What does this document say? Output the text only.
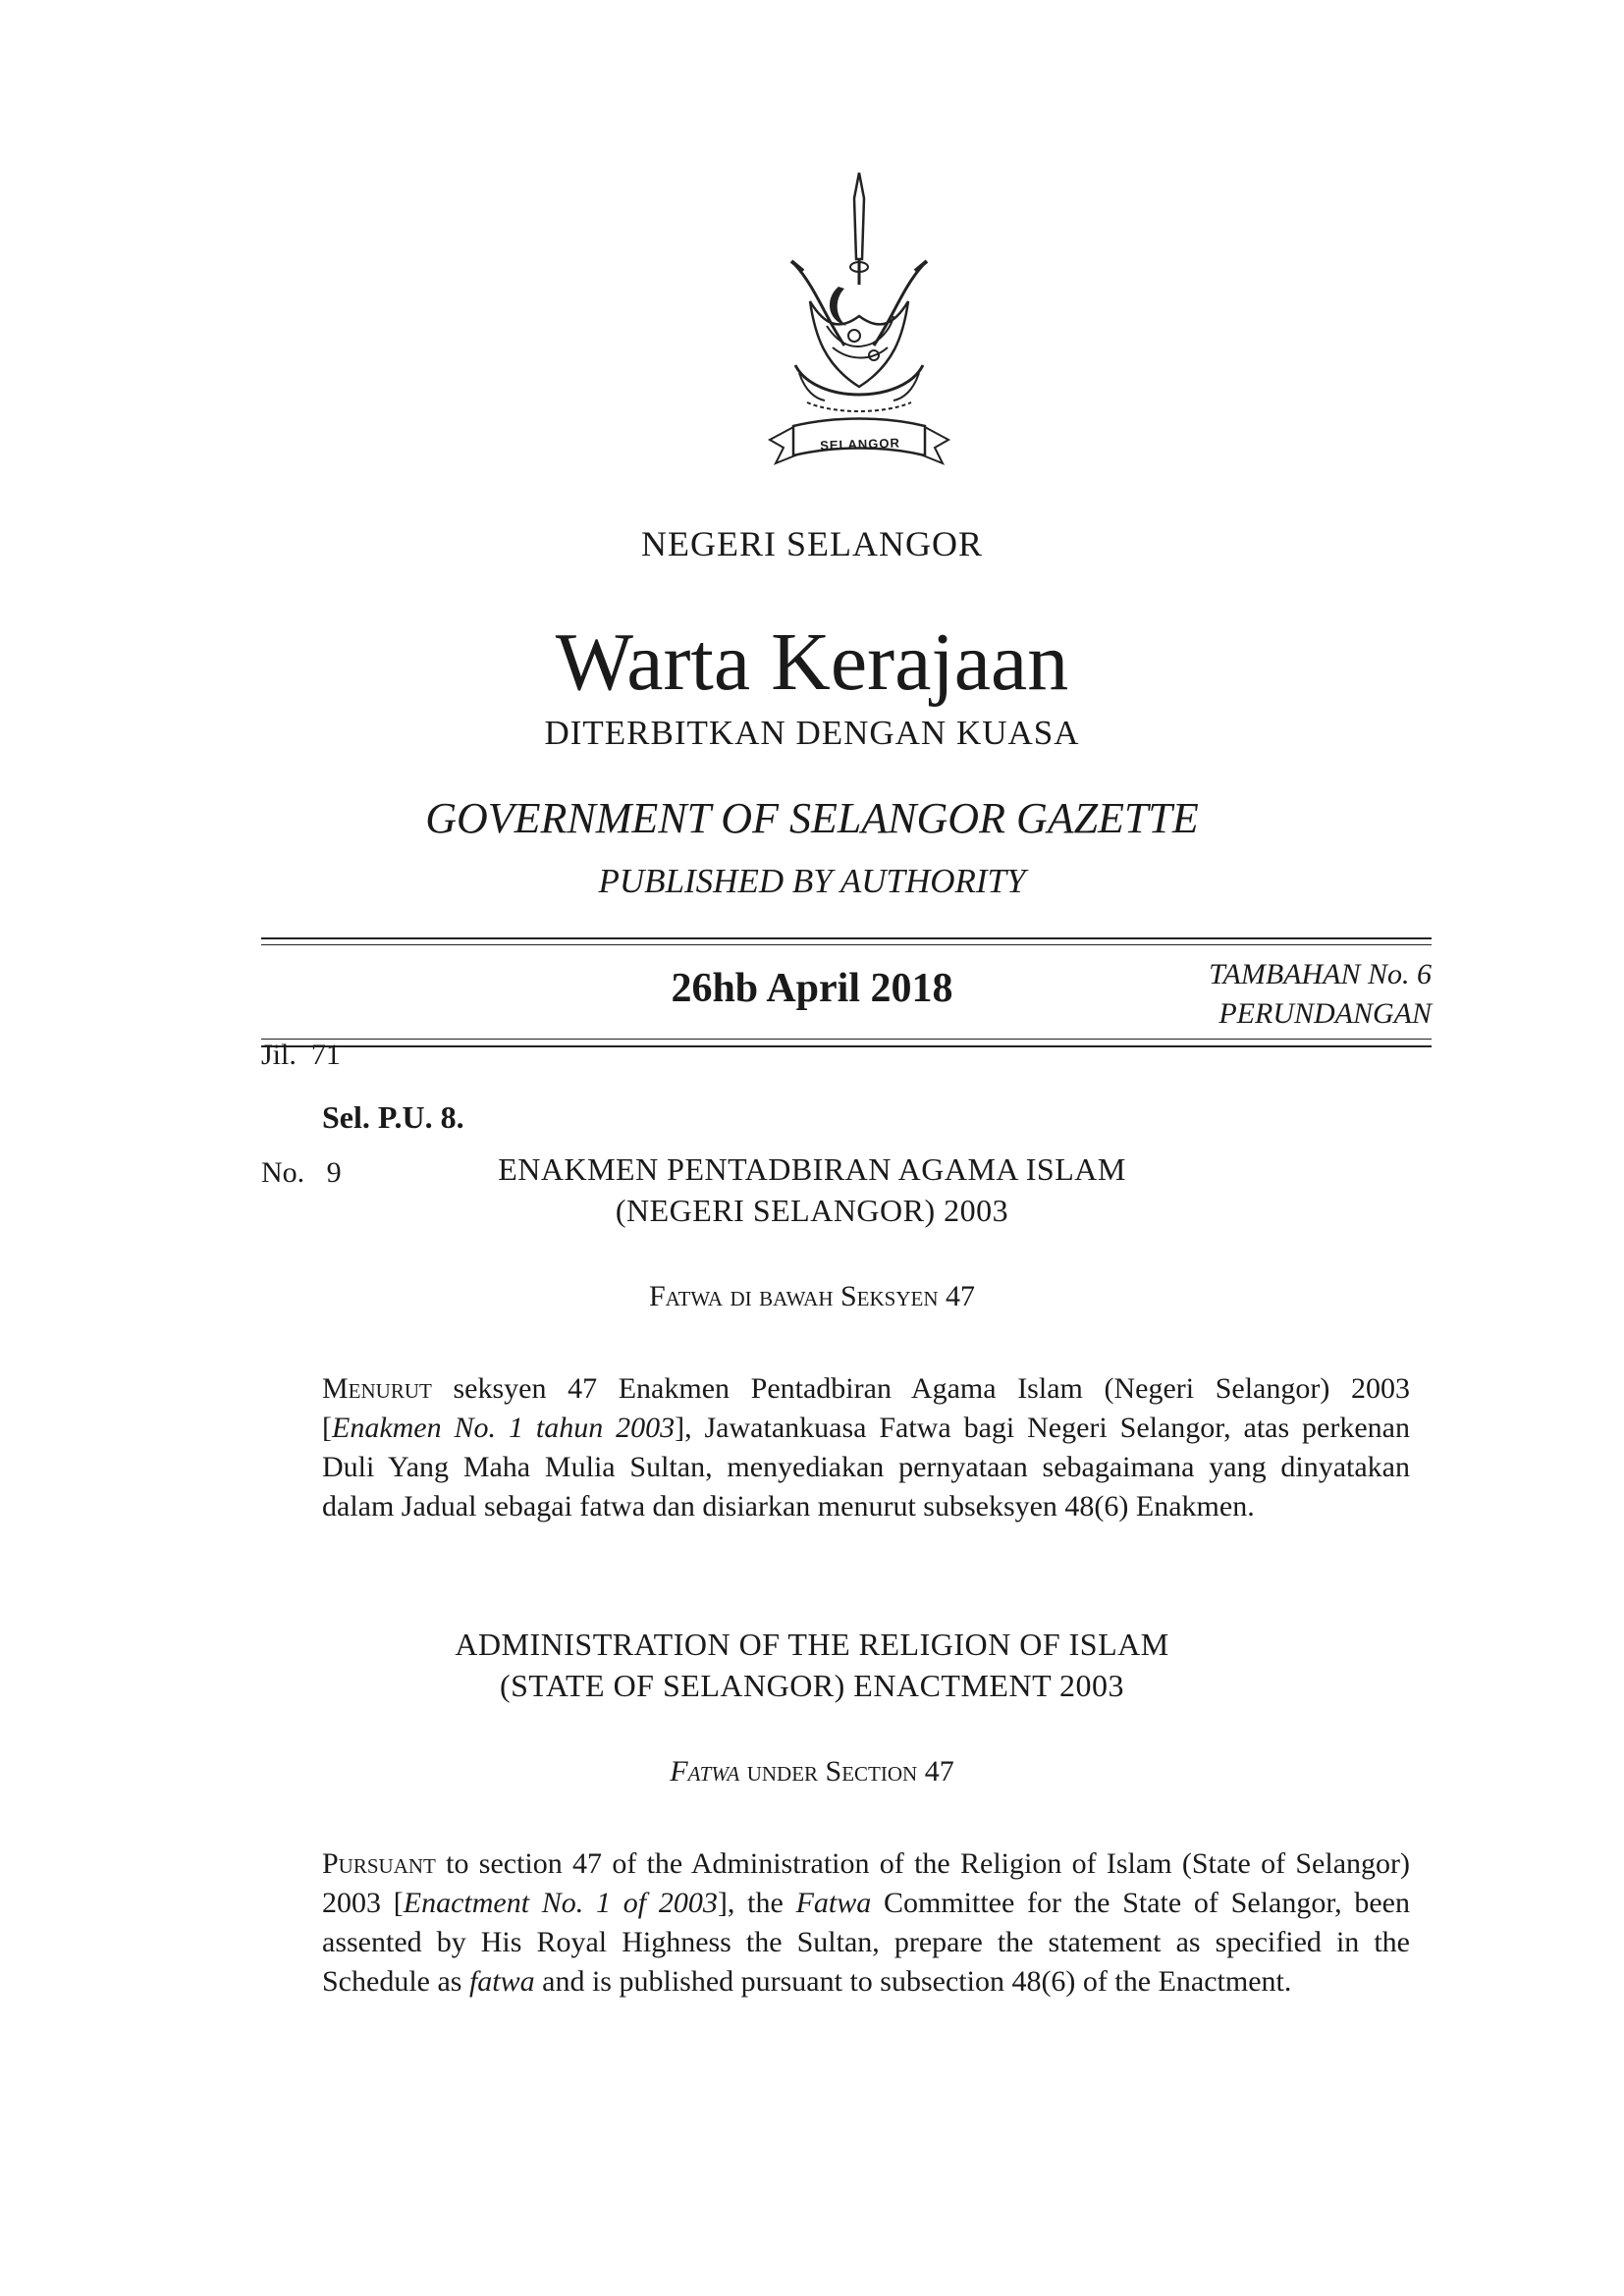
SELANGOR
NEGERI SELANGOR
Warta Kerajaan
DITERBITKAN DENGAN KUASA
GOVERNMENT OF SELANGOR GAZETTE
PUBLISHED BY AUTHORITY

Jil.  71

No.   9

26hb April 2018	TAMBAHAN No. 6
PERUNDANGAN
Sel. P.U. 8.
ENAKMEN PENTADBIRAN AGAMA ISLAM
(NEGERI SELANGOR) 2003
Fatwa di bawah Seksyen 47
Menurut seksyen 47 Enakmen Pentadbiran Agama Islam (Negeri Selangor) 2003 [Enakmen No. 1 tahun 2003], Jawatankuasa Fatwa bagi Negeri Selangor, atas perkenan Duli Yang Maha Mulia Sultan, menyediakan pernyataan sebagaimana yang dinyatakan dalam Jadual sebagai fatwa dan disiarkan menurut subseksyen 48(6) Enakmen.
ADMINISTRATION OF THE RELIGION OF ISLAM
(STATE OF SELANGOR) ENACTMENT 2003
Fatwa under Section 47
Pursuant to section 47 of the Administration of the Religion of Islam (State of Selangor) 2003 [Enactment No. 1 of 2003], the Fatwa Committee for the State of Selangor, been assented by His Royal Highness the Sultan, prepare the statement as specified in the Schedule as fatwa and is published pursuant to subsection 48(6) of the Enactment.
